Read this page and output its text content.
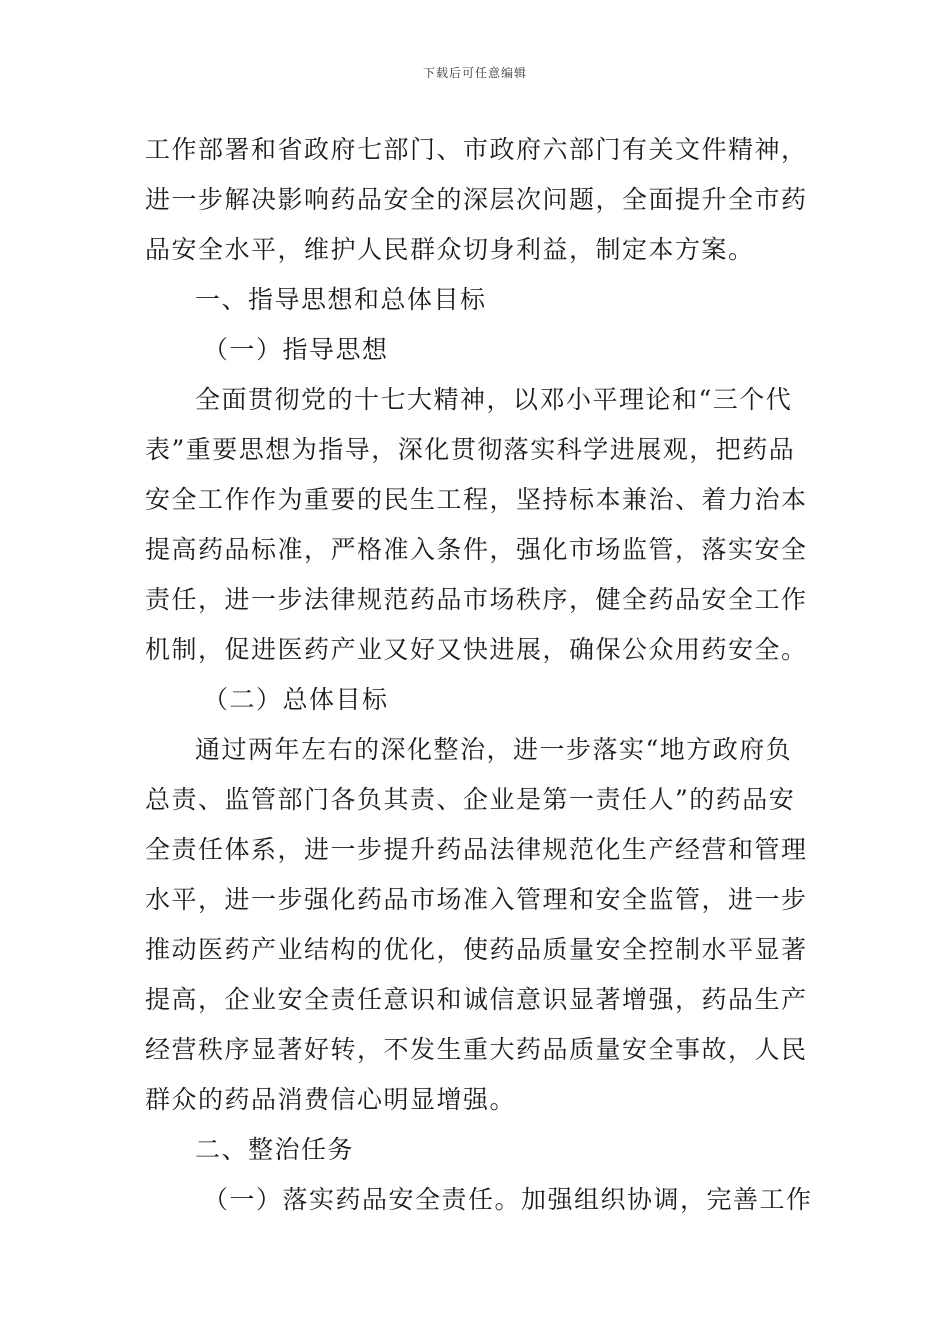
下载后可任意编辑
工作部署和省政府七部门、市政府六部门有关文件精神，
进一步解决影响药品安全的深层次问题，全面提升全市药
品安全水平，维护人民群众切身利益，制定本方案。
一、指导思想和总体目标
（一）指导思想
全面贯彻党的十七大精神，以邓小平理论和“三个代
表”重要思想为指导，深化贯彻落实科学进展观，把药品
安全工作作为重要的民生工程，坚持标本兼治、着力治本
提高药品标准，严格准入条件，强化市场监管，落实安全
责任，进一步法律规范药品市场秩序，健全药品安全工作
机制，促进医药产业又好又快进展，确保公众用药安全。
（二）总体目标
通过两年左右的深化整治，进一步落实“地方政府负
总责、监管部门各负其责、企业是第一责任人”的药品安
全责任体系，进一步提升药品法律规范化生产经营和管理
水平，进一步强化药品市场准入管理和安全监管，进一步
推动医药产业结构的优化，使药品质量安全控制水平显著
提高，企业安全责任意识和诚信意识显著增强，药品生产
经营秩序显著好转，不发生重大药品质量安全事故，人民
群众的药品消费信心明显增强。
二、整治任务
（一）落实药品安全责任。加强组织协调，完善工作
